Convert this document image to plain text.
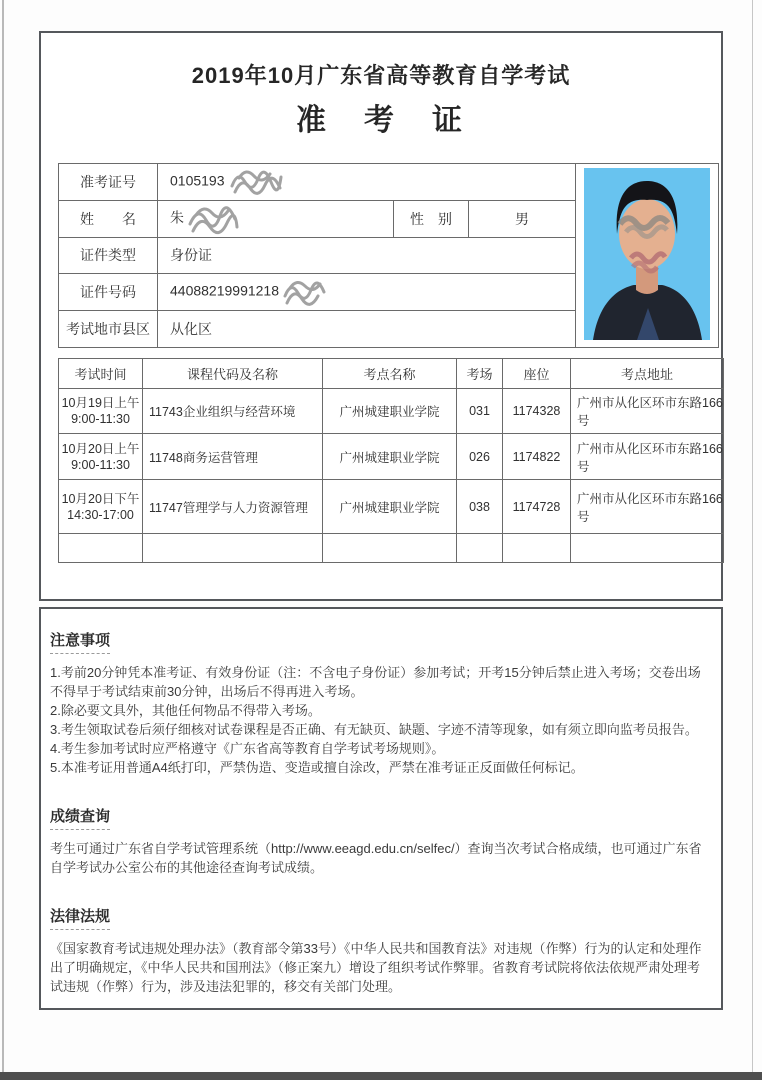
2019年10月广东省高等教育自学考试
准　考　证
准考证号	0105193	
姓　　名	朱	性　别	男	
证件类型	身份证			
证件号码	44088219991218			
考试地市县区	从化区			
考试时间	课程代码及名称	考点名称	考场	座位	考点地址

10月19日上午
9:00-11:30	11743企业组织与经营环境	广州城建职业学院	031	1174328	广州市从化区环市东路166号

10月20日上午
9:00-11:30	11748商务运营管理	广州城建职业学院	026	1174822	广州市从化区环市东路166号

10月20日下午
14:30-17:00	11747管理学与人力资源管理	广州城建职业学院	038	1174728	广州市从化区环市东路166号

注意事项

1.考前20分钟凭本准考证、有效身份证（注：不含电子身份证）参加考试；开考15分钟后禁止进入考场；交卷出场不得早于考试结束前30分钟，出场后不得再进入考场。

2.除必要文具外，其他任何物品不得带入考场。

3.考生领取试卷后须仔细核对试卷课程是否正确、有无缺页、缺题、字迹不清等现象，如有须立即向监考员报告。

4.考生参加考试时应严格遵守《广东省高等教育自学考试考场规则》。

5.本准考证用普通A4纸打印，严禁伪造、变造或擅自涂改，严禁在准考证正反面做任何标记。

成绩查询

考生可通过广东省自学考试管理系统（http://www.eeagd.edu.cn/selfec/）查询当次考试合格成绩，也可通过广东省自学考试办公室公布的其他途径查询考试成绩。

法律法规

《国家教育考试违规处理办法》（教育部令第33号）《中华人民共和国教育法》对违规（作弊）行为的认定和处理作出了明确规定，《中华人民共和国刑法》（修正案九）增设了组织考试作弊罪。省教育考试院将依法依规严肃处理考试违规（作弊）行为，涉及违法犯罪的，移交有关部门处理。
